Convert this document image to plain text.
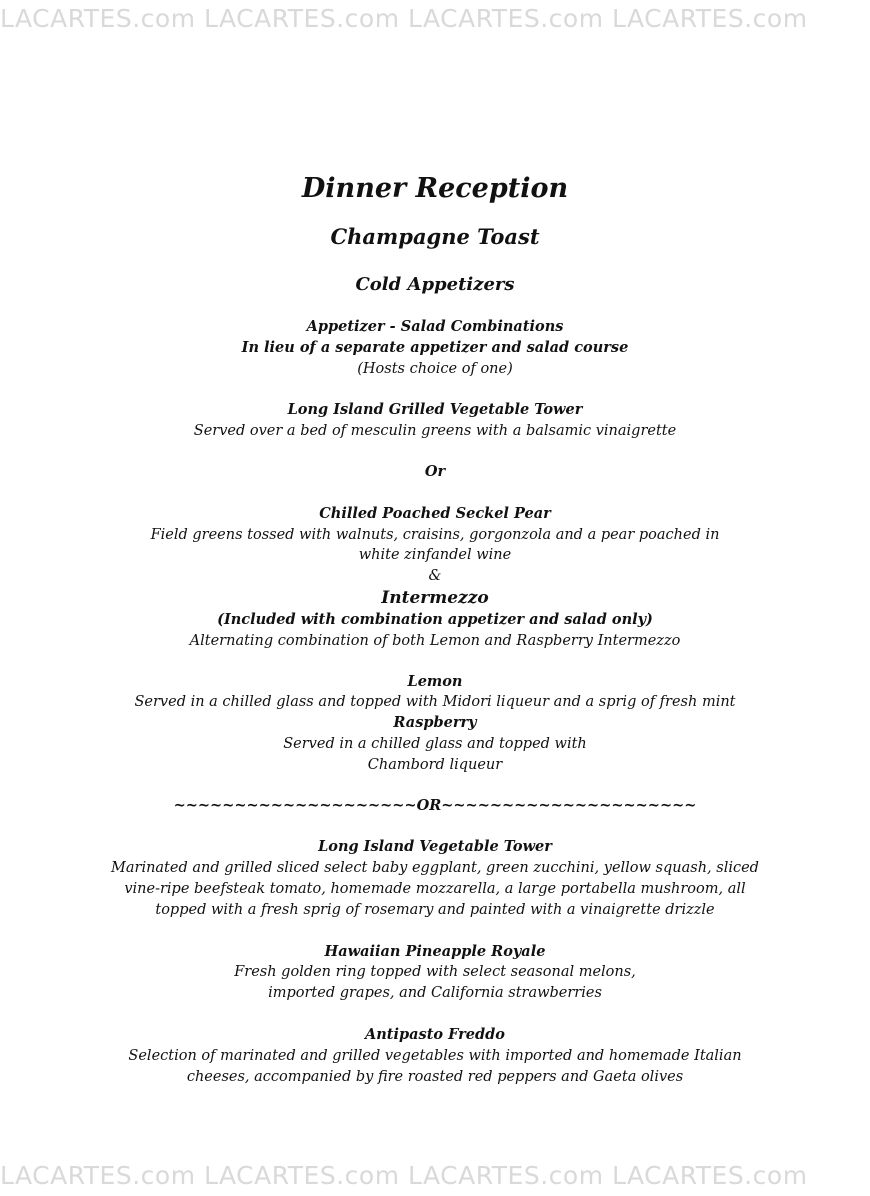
LACARTES.com LACARTES.com LACARTES.com LACARTES.com
Dinner Reception
Champagne Toast
Cold Appetizers
Appetizer - Salad Combinations
In lieu of a separate appetizer and salad course
(Hosts choice of one)
Long Island Grilled Vegetable Tower
Served over a bed of mesculin greens with a balsamic vinaigrette
Or
Chilled Poached Seckel Pear
Field greens tossed with walnuts, craisins, gorgonzola and a pear poached in white zinfandel wine
&
Intermezzo
(Included with combination appetizer and salad only)
Alternating combination of both Lemon and Raspberry Intermezzo
Lemon
Served in a chilled glass and topped with Midori liqueur and a sprig of fresh mint
Raspberry
Served in a chilled glass and topped with
Chambord liqueur
~~~~~~~~~~~~~~~~~~~~OR~~~~~~~~~~~~~~~~~~~~~
Long Island Vegetable Tower
Marinated and grilled sliced select baby eggplant, green zucchini, yellow squash, sliced
vine-ripe beefsteak tomato, homemade mozzarella, a large portabella mushroom, all
topped with a fresh sprig of rosemary and painted with a vinaigrette drizzle
Hawaiian Pineapple Royale
Fresh golden ring topped with select seasonal melons,
imported grapes, and California strawberries
Antipasto Freddo
Selection of marinated and grilled vegetables with imported and homemade Italian
cheeses, accompanied by fire roasted red peppers and Gaeta olives
LACARTES.com LACARTES.com LACARTES.com LACARTES.com
